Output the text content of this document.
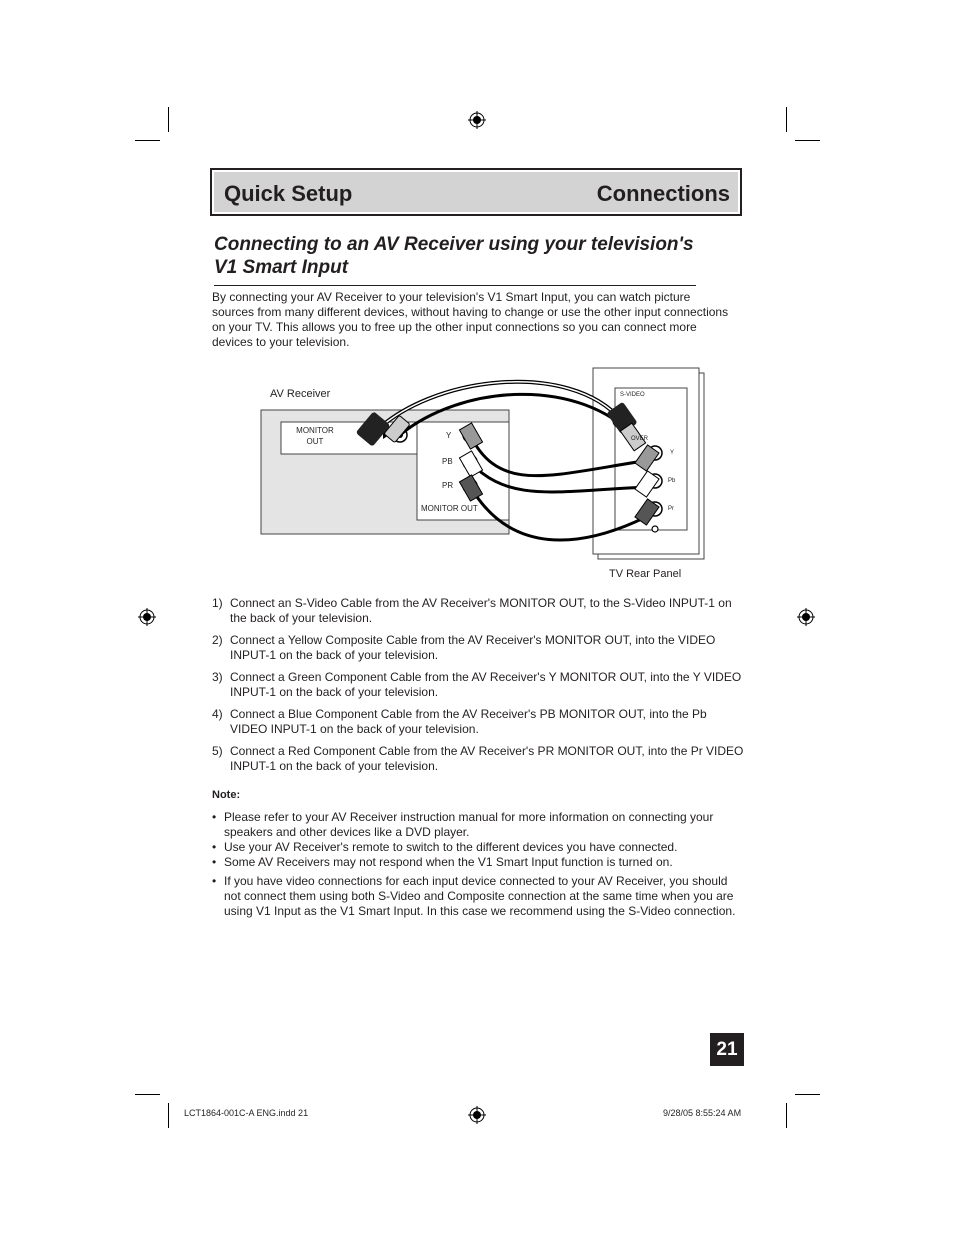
Quick Setup	Connections
Connecting to an AV Receiver using your television's V1 Smart Input
By connecting your AV Receiver to your television's V1 Smart Input, you can watch picture sources from many different devices, without having to change or use the other input connections on your TV. This allows you to free up the other input connections so you can connect more devices to your television.
AV Receiver
MONITOR
OUT
Y
PB
PR
MONITOR OUT
S-VIDEO
OVER
Y
Pb
Pr
TV Rear Panel
1) Connect an S-Video Cable from the AV Receiver's MONITOR OUT, to the S-Video INPUT-1 on the back of your television.
2) Connect a Yellow Composite Cable from the AV Receiver's MONITOR OUT, into the VIDEO INPUT-1 on the back of your television.
3) Connect a Green Component Cable from the AV Receiver's Y MONITOR OUT, into the Y VIDEO INPUT-1 on the back of your television.
4) Connect a Blue Component Cable from the AV Receiver's PB MONITOR OUT, into the Pb VIDEO INPUT-1 on the back of your television.
5) Connect a Red Component Cable from the AV Receiver's PR MONITOR OUT, into the Pr VIDEO INPUT-1 on the back of your television.
Note:
• Please refer to your AV Receiver instruction manual for more information on connecting your speakers and other devices like a DVD player.
• Use your AV Receiver's remote to switch to the different devices you have connected.
• Some AV Receivers may not respond when the V1 Smart Input function is turned on.
• If you have video connections for each input device connected to your AV Receiver, you should not connect them using both S-Video and Composite connection at the same time when you are using V1 Input as the V1 Smart Input. In this case we recommend using the S-Video connection.
21
LCT1864-001C-A ENG.indd 21	9/28/05 8:55:24 AM
